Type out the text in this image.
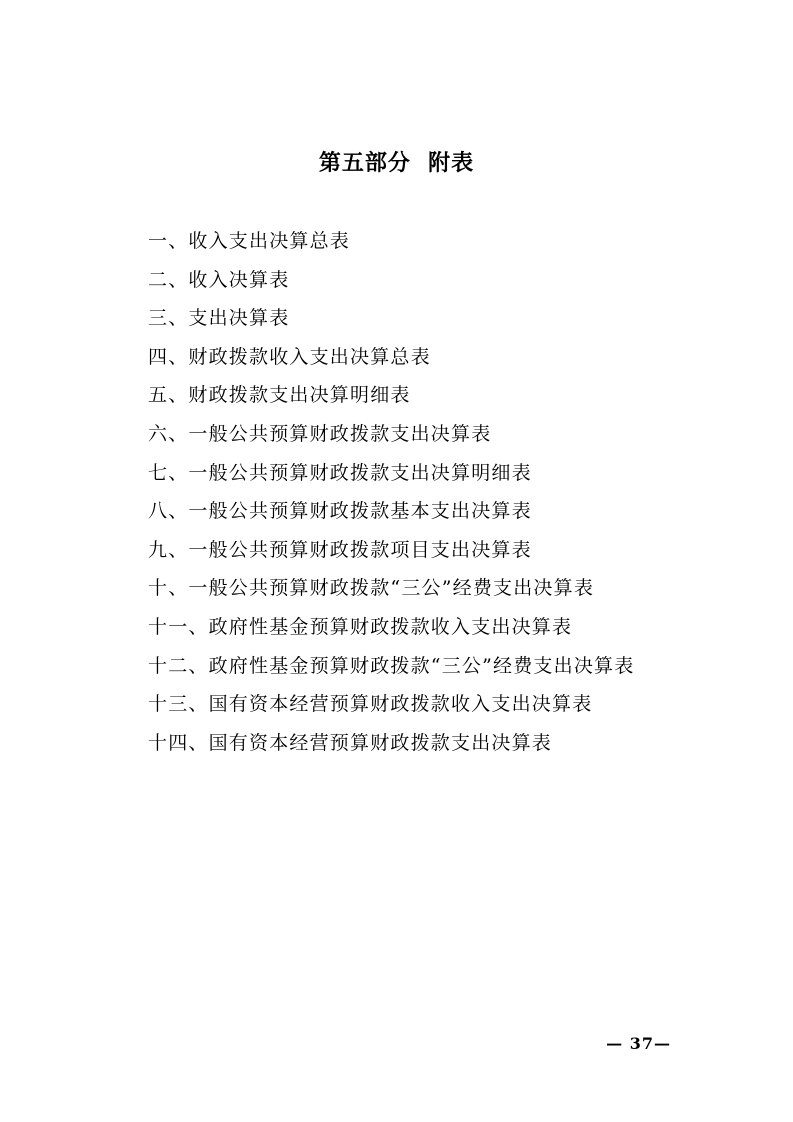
第五部分  附表
一、收入支出决算总表
二、收入决算表
三、支出决算表
四、财政拨款收入支出决算总表
五、财政拨款支出决算明细表
六、一般公共预算财政拨款支出决算表
七、一般公共预算财政拨款支出决算明细表
八、一般公共预算财政拨款基本支出决算表
九、一般公共预算财政拨款项目支出决算表
十、一般公共预算财政拨款“三公”经费支出决算表
十一、政府性基金预算财政拨款收入支出决算表
十二、政府性基金预算财政拨款“三公”经费支出决算表
十三、国有资本经营预算财政拨款收入支出决算表
十四、国有资本经营预算财政拨款支出决算表
— 37—
